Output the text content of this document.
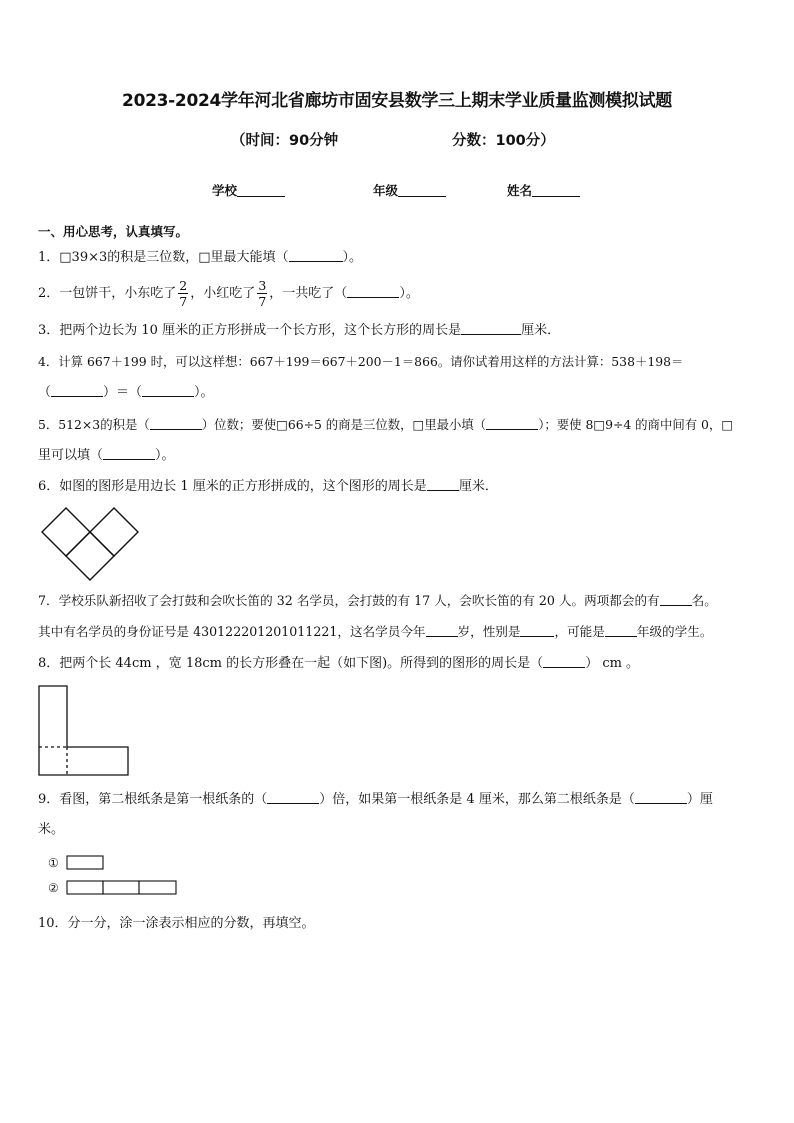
2023-2024学年河北省廊坊市固安县数学三上期末学业质量监测模拟试题
（时间：90分钟	分数：100分）
学校	年级	姓名
一、用心思考，认真填写。
1．□39×3的积是三位数，□里最大能填（	）。
2．一包饼干，小东吃了 $\frac{2}{7}$ ，小红吃了 $\frac{3}{7}$ ，一共吃了（	）。
3．把两个边长为 10 厘米的正方形拼成一个长方形，这个长方形的周长是	厘米．
4．计算 667＋199 时，可以这样想：667＋199＝667＋200－1＝866。请你试着用这样的方法计算：538＋198＝
（	）＝（	）。
5．512×3的积是（	）位数；要使□66÷5 的商是三位数，□里最小填（	）；要使 8□9÷4 的商中间有 0，□
里可以填（	）。
6．如图的图形是用边长 1 厘米的正方形拼成的，这个图形的周长是 厘米．
7．学校乐队新招收了会打鼓和会吹长笛的 32 名学员，会打鼓的有 17 人，会吹长笛的有 20 人。两项都会的有	名。
其中有名学员的身份证号是 430122201201011221，这名学员今年	岁，性别是	，可能是	年级的学生。
8．把两个长 44cm ，宽 18cm 的长方形叠在一起（如下图)。所得到的图形的周长是（	） cm 。
9．看图，第二根纸条是第一根纸条的（	）倍，如果第一根纸条是 4 厘米，那么第二根纸条是（	）厘
米。
①
②
10．分一分，涂一涂表示相应的分数，再填空。
